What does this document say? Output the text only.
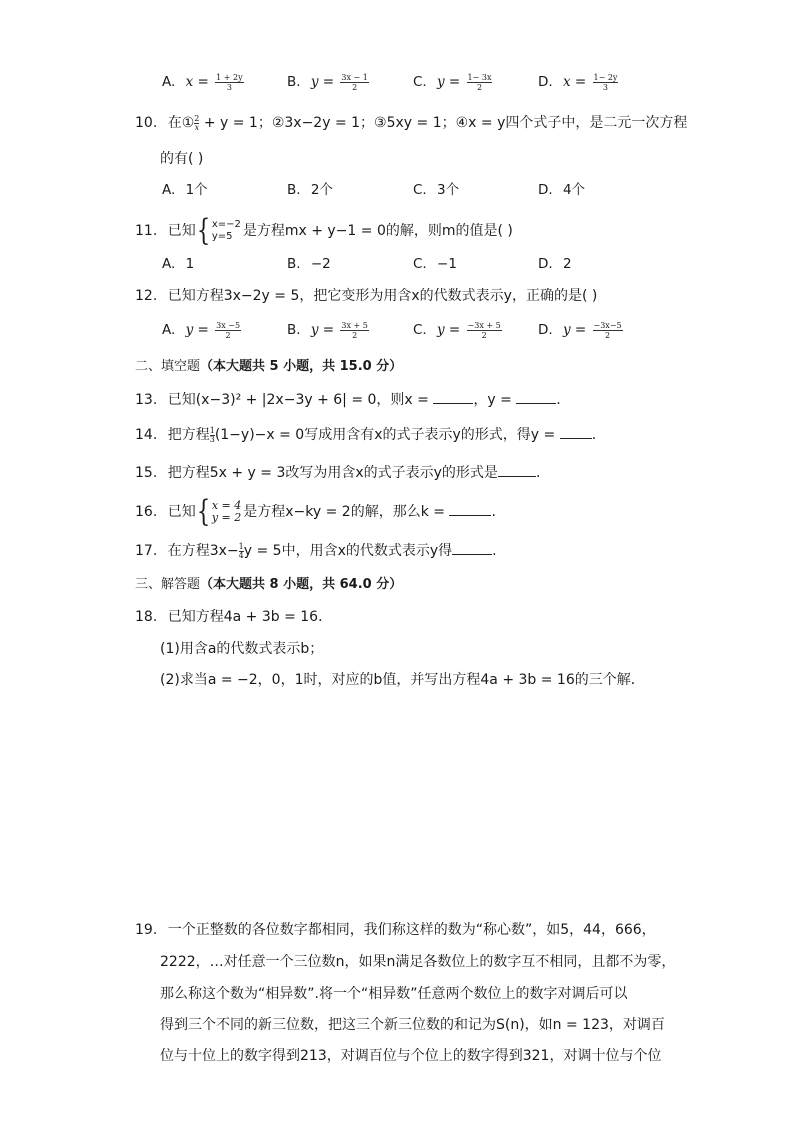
A. $x = \frac{1 + 2y}{3}$	B. $y = \frac{3x - 1}{2}$	C. $y = \frac{1- 3x}{2}$	D. $x = \frac{1- 2y}{3}$
10. 在① $\frac{2}{x} + y = 1$；②3x−2y = 1；③5xy = 1；④x = y四个式子中，是二元一次方程
的有( )
A. 1个	B. 2个	C. 3个	D. 4个
11. 已知{ x=−2
y=5 是方程mx + y−1 = 0的解，则m的值是( )
A. 1	B. −2	C. −1	D. 2
12. 已知方程3x−2y = 5，把它变形为用含x的代数式表示y，正确的是( )
A. $y = \frac{3x -5}{2}$	B. $y = \frac{3x + 5}{2}$	C. $y = \frac{-3x + 5}{2}$	D. $y = \frac{-3x-5}{2}$
二、填空题（本大题共 5 小题，共 15.0 分）
13. 已知(x−3)² + |2x−3y + 6| = 0，则x =	，y =	.
14. 把方程 $\frac{1}{3} (1-y)-x = 0$写成用含有x的式子表示y的形式，得y =	.
15. 把方程5x + y = 3改写为用含x的式子表示y的形式是	.
16. 已知{ x = 4
y = 2 是方程x−ky = 2的解，那么k =	.
17. 在方程$3x- \frac{1}{4}$ y = 5中，用含x的代数式表示y得	.
三、解答题（本大题共 8 小题，共 64.0 分）
18. 已知方程4a + 3b = 16．
(1)用含a的代数式表示b；
(2)求当a = −2，0，1时，对应的b值，并写出方程4a + 3b = 16的三个解．
19. 一个正整数的各位数字都相同，我们称这样的数为“称心数”，如5，44，666，
2222，…对任意一个三位数n，如果n满足各数位上的数字互不相同，且都不为零，
那么称这个数为“相异数”.将一个“相异数”任意两个数位上的数字对调后可以
得到三个不同的新三位数，把这三个新三位数的和记为S(n)，如n = 123，对调百
位与十位上的数字得到213，对调百位与个位上的数字得到321，对调十位与个位
